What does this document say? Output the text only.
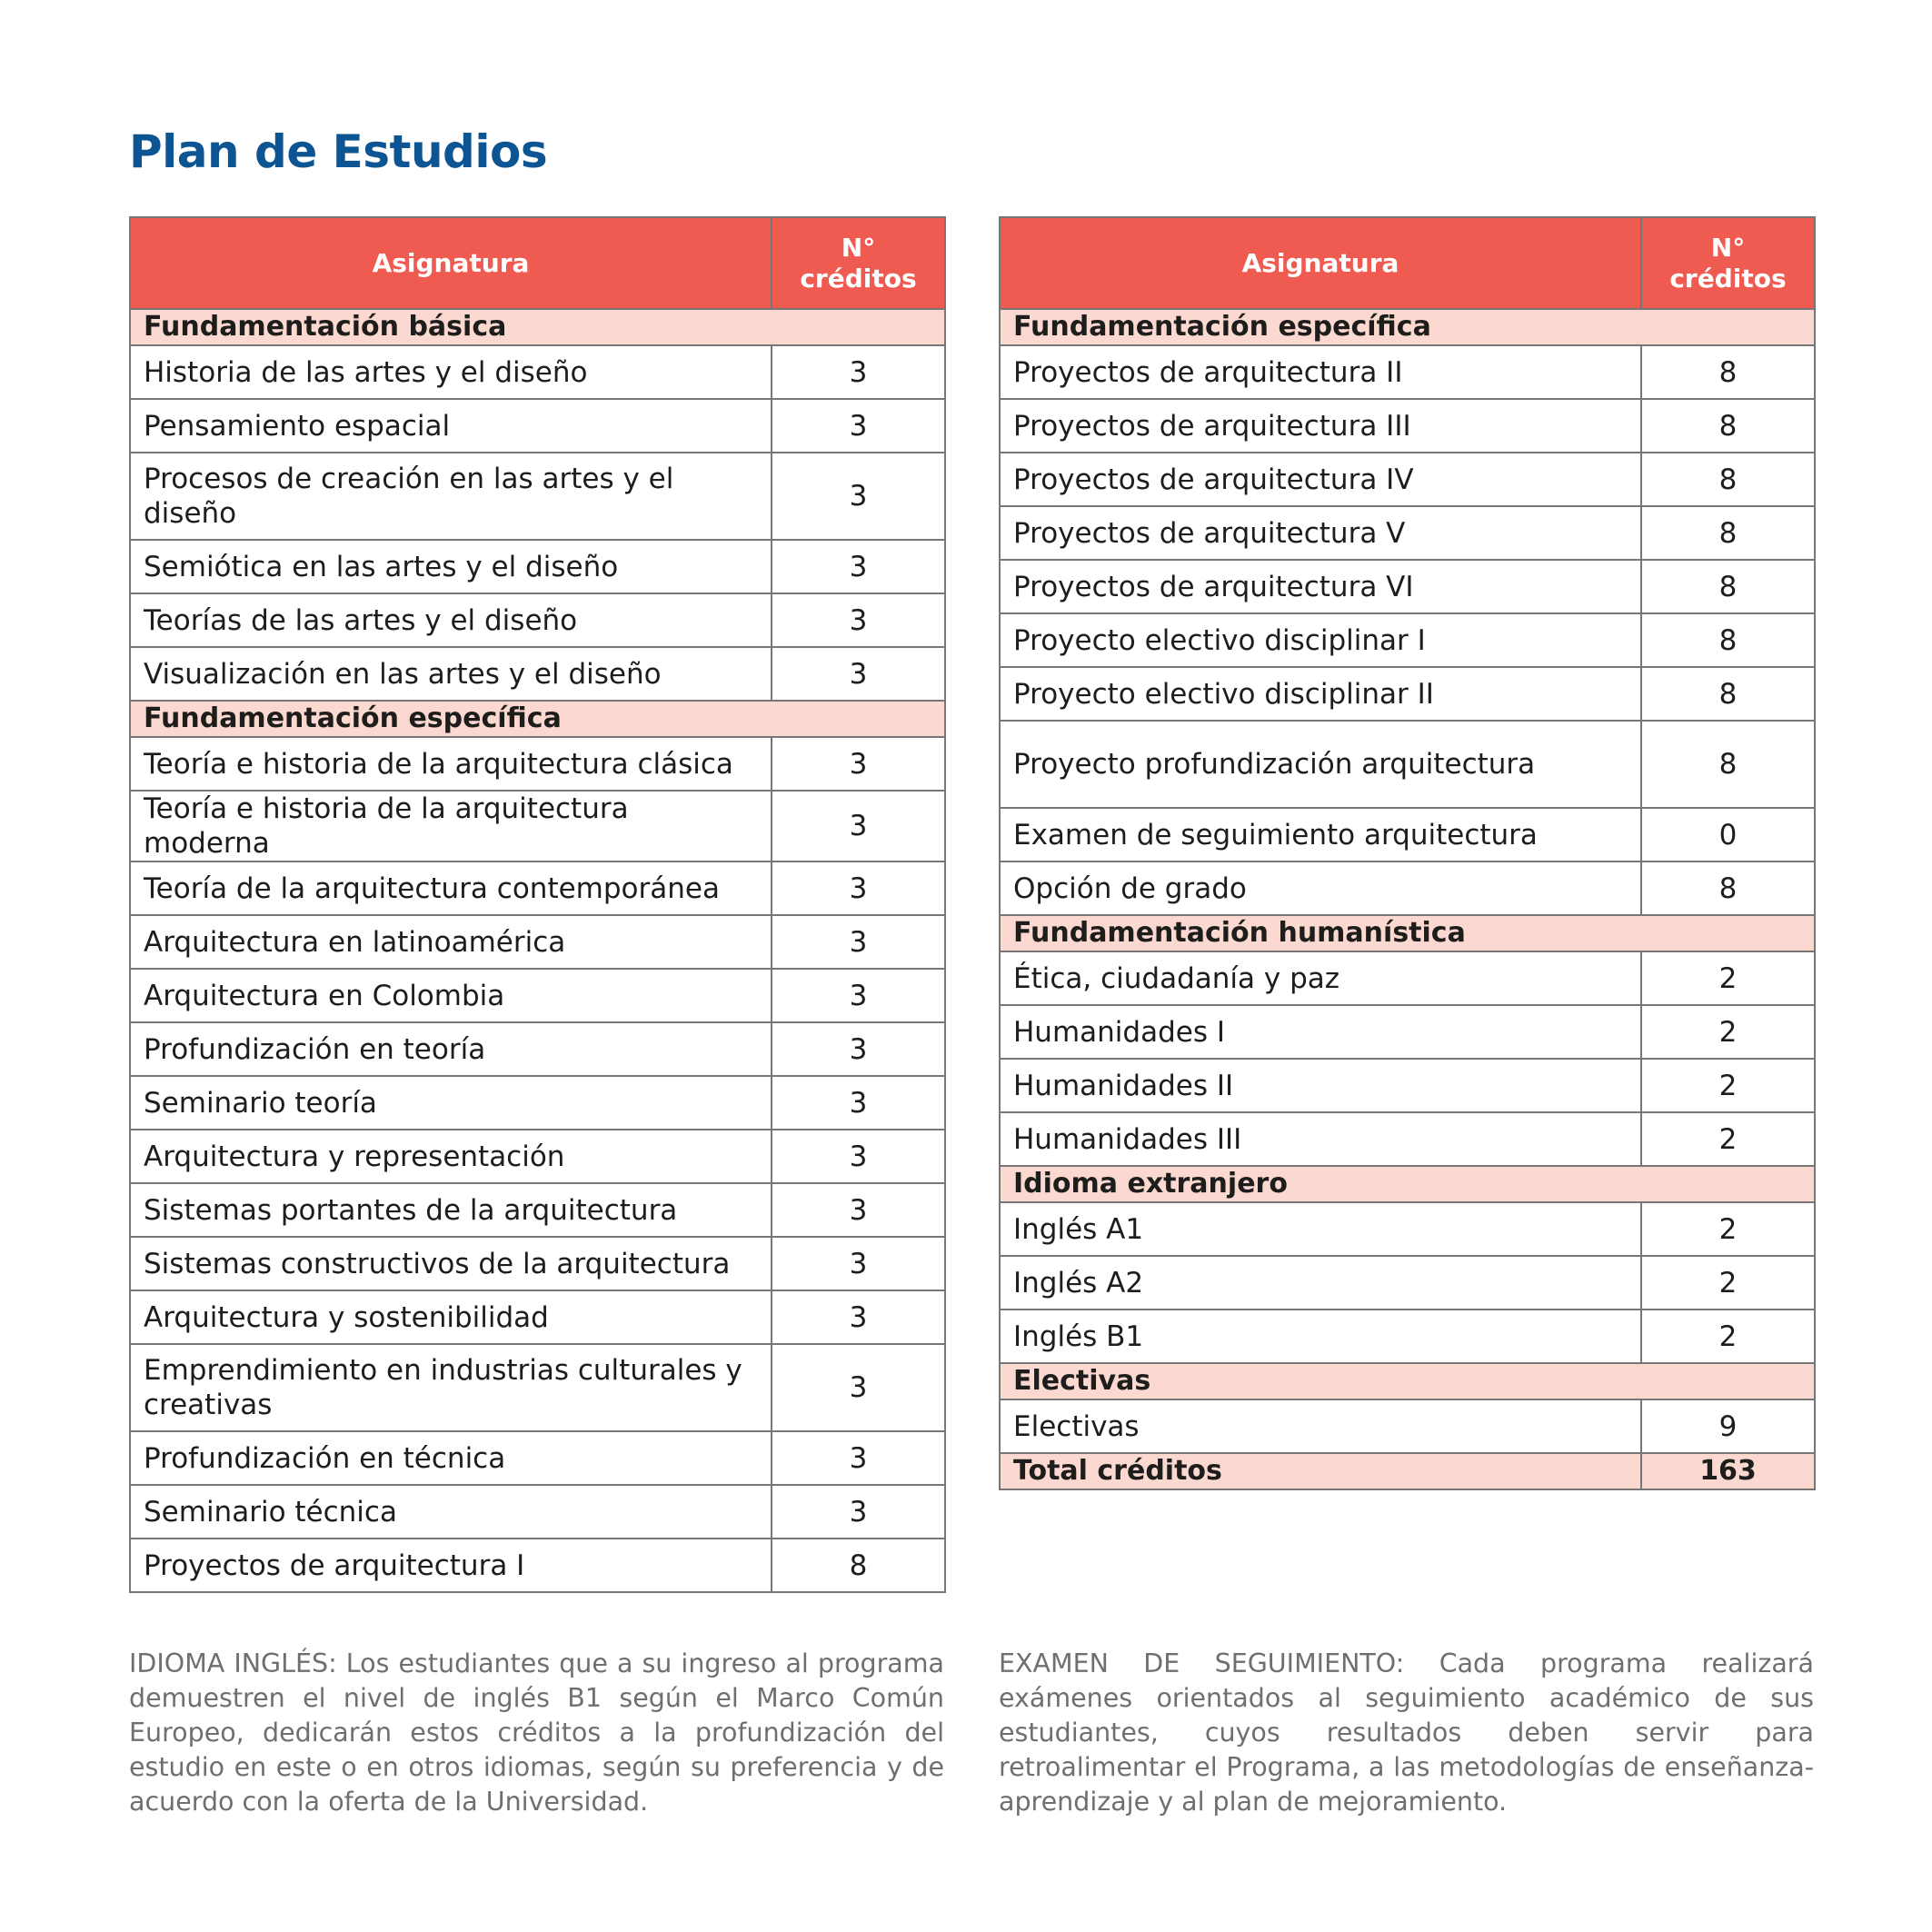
Plan de Estudios
Asignatura	N°
créditos
Fundamentación básica	
Historia de las artes y el diseño	3
Pensamiento espacial	3
Procesos de creación en las artes y el diseño	3
Semiótica en las artes y el diseño	3
Teorías de las artes y el diseño	3
Visualización en las artes y el diseño	3
Fundamentación específica	
Teoría e historia de la arquitectura clásica	3
Teoría e historia de la arquitectura moderna	3
Teoría de la arquitectura contemporánea	3
Arquitectura en latinoamérica	3
Arquitectura en Colombia	3
Profundización en teoría	3
Seminario teoría	3
Arquitectura y representación	3
Sistemas portantes de la arquitectura	3
Sistemas constructivos de la arquitectura	3
Arquitectura y sostenibilidad	3
Emprendimiento en industrias culturales y creativas	3
Profundización en técnica	3
Seminario técnica	3
Proyectos de arquitectura I	8
Asignatura	N°
créditos
Fundamentación específica	
Proyectos de arquitectura II	8
Proyectos de arquitectura III	8
Proyectos de arquitectura IV	8
Proyectos de arquitectura V	8
Proyectos de arquitectura VI	8
Proyecto electivo disciplinar I	8
Proyecto electivo disciplinar II	8
Proyecto profundización arquitectura	8
Examen de seguimiento arquitectura	0
Opción de grado	8
Fundamentación humanística	
Ética, ciudadanía y paz	2
Humanidades I	2
Humanidades II	2
Humanidades III	2
Idioma extranjero	
Inglés A1	2
Inglés A2	2
Inglés B1	2
Electivas	
Electivas	9
Total créditos	163

IDIOMA INGLÉS: Los estudiantes que a su ingreso al programa demuestren el nivel de inglés B1 según el Marco Común Europeo, dedicarán estos créditos a la profundización del estudio en este o en otros idiomas, según su preferencia y de acuerdo con la oferta de la Universidad.

EXAMEN DE SEGUIMIENTO: Cada programa realizará exámenes orientados al seguimiento académico de sus estudiantes, cuyos resultados deben servir para retroalimentar el Programa, a las metodologías de enseñanza-aprendizaje y al plan de mejoramiento.
